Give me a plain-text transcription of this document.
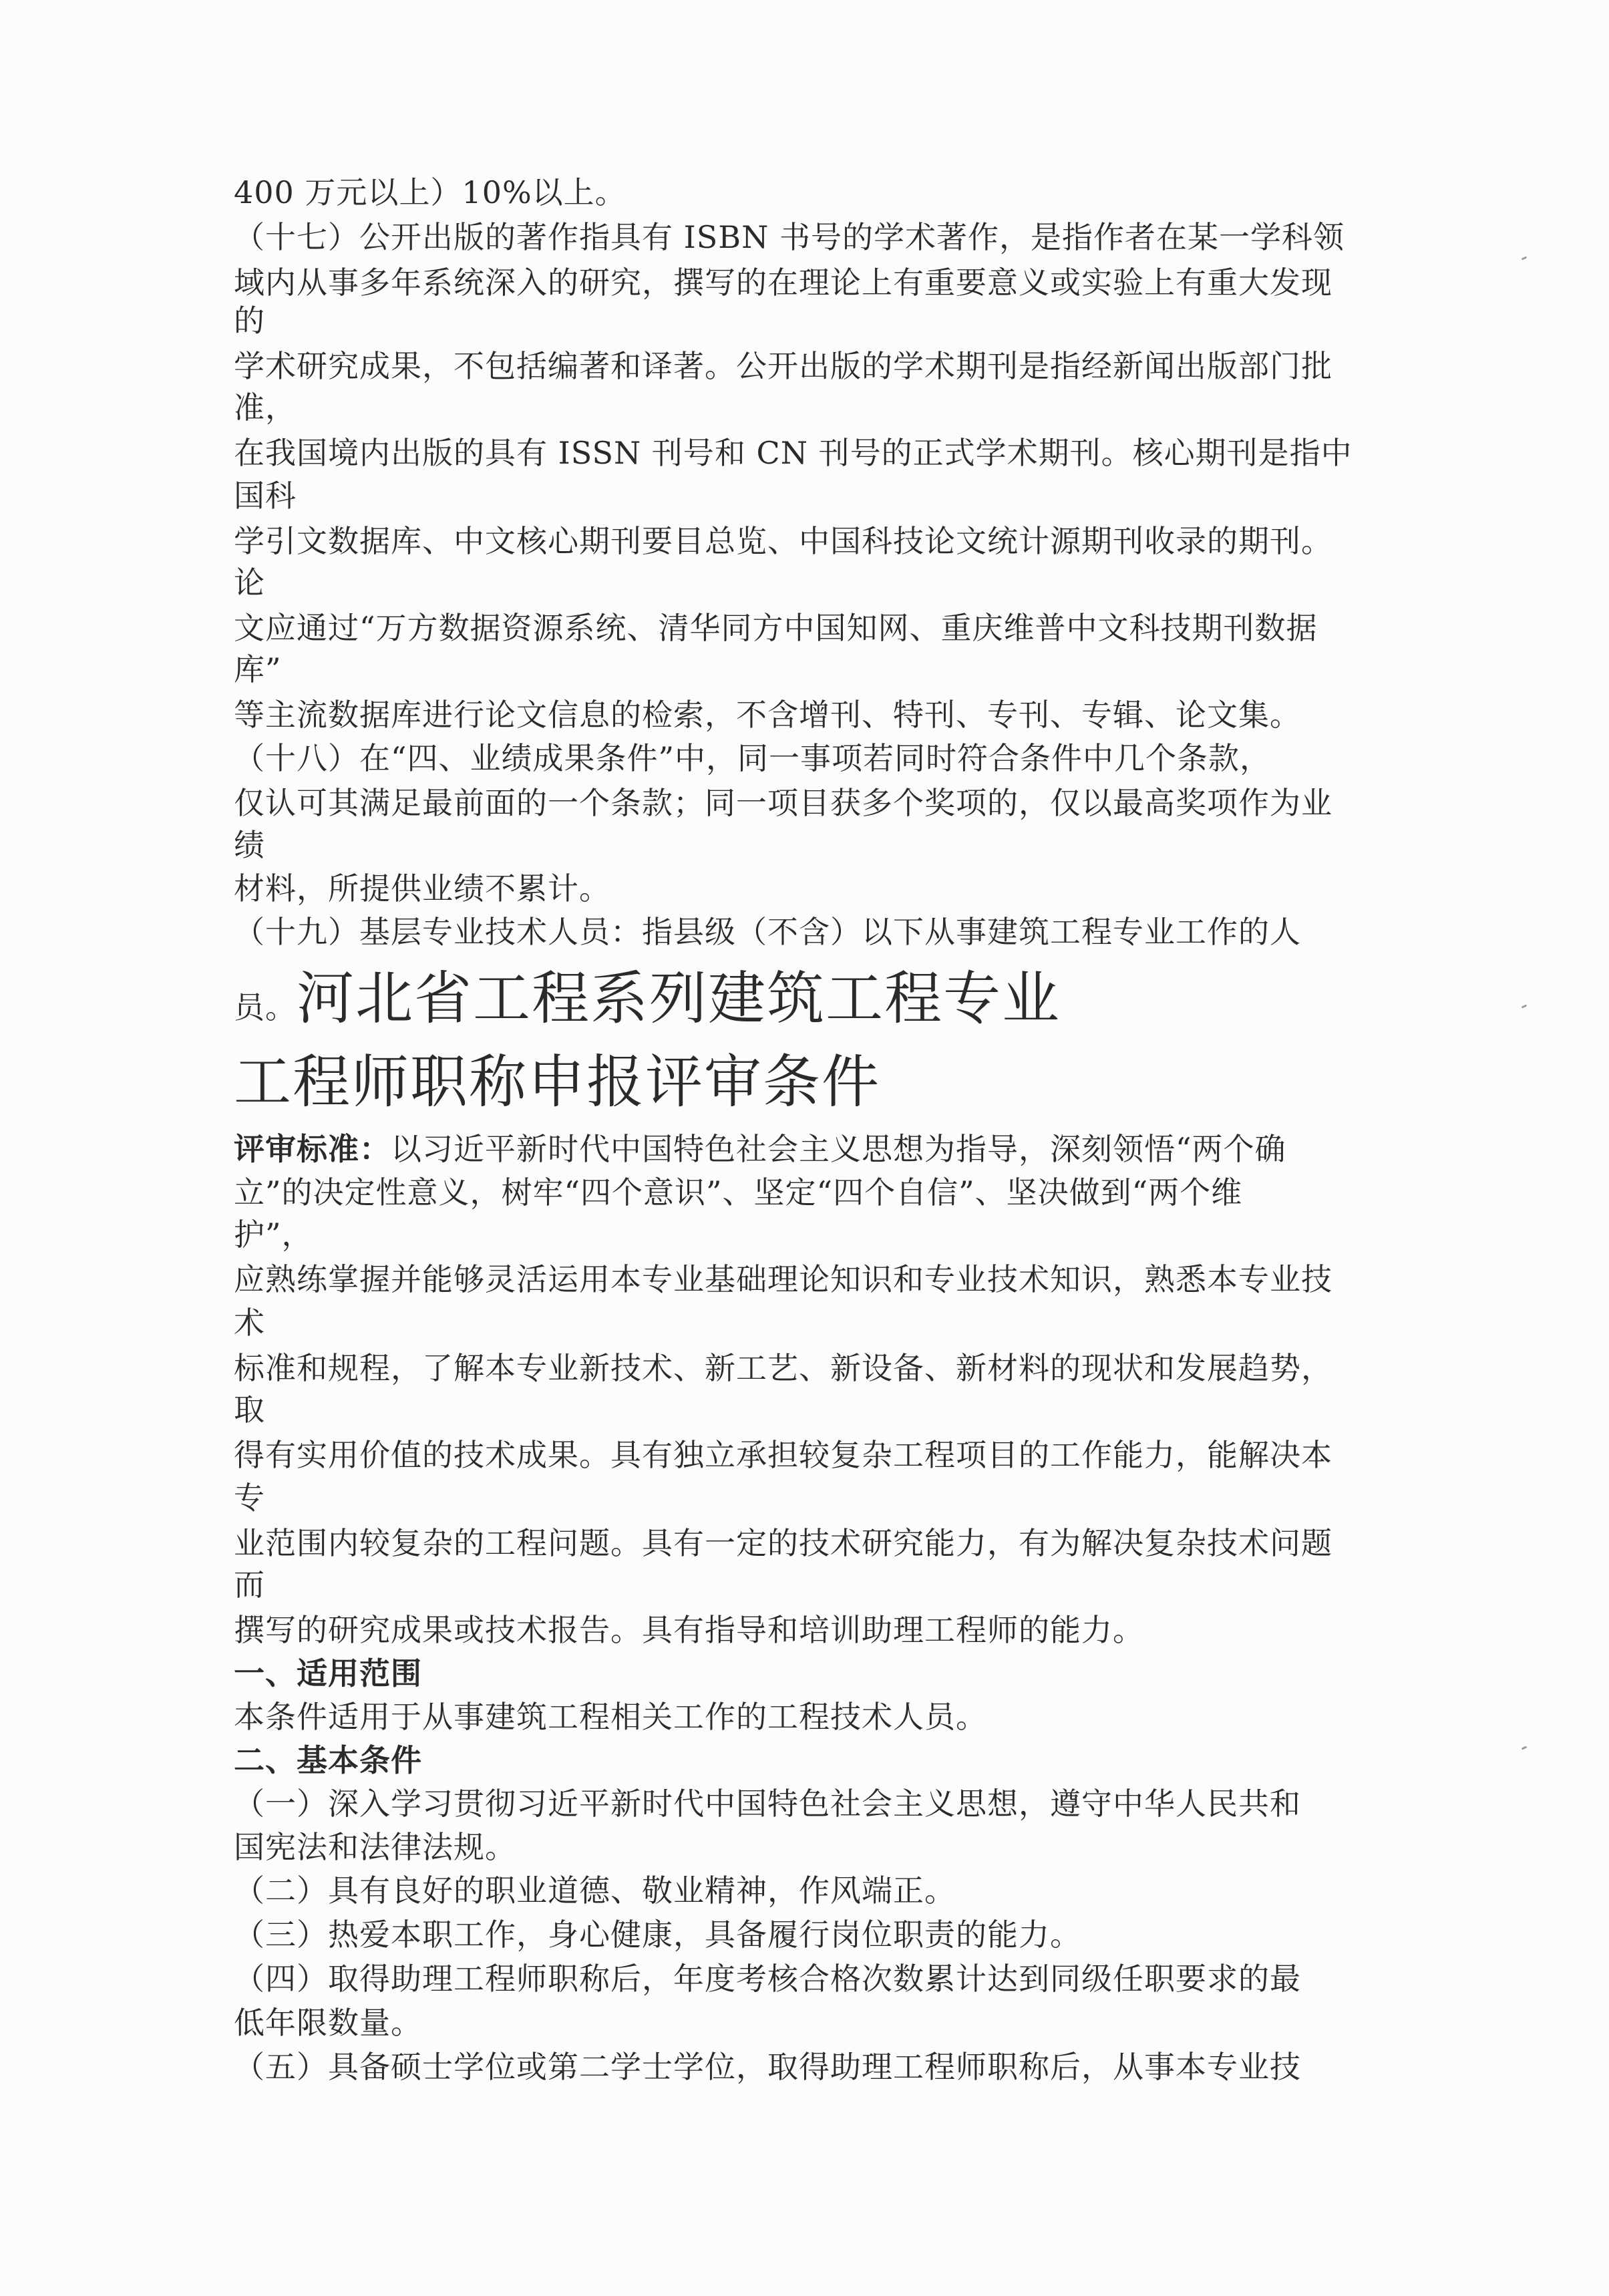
400 万元以上）10%以上。
（十七）公开出版的著作指具有 ISBN 书号的学术著作，是指作者在某一学科领
域内从事多年系统深入的研究，撰写的在理论上有重要意义或实验上有重大发现
的
学术研究成果，不包括编著和译著。公开出版的学术期刊是指经新闻出版部门批
准，
在我国境内出版的具有 ISSN 刊号和 CN 刊号的正式学术期刊。核心期刊是指中
国科
学引文数据库、中文核心期刊要目总览、中国科技论文统计源期刊收录的期刊。
论
文应通过“万方数据资源系统、清华同方中国知网、重庆维普中文科技期刊数据
库”
等主流数据库进行论文信息的检索，不含增刊、特刊、专刊、专辑、论文集。
（十八）在“四、业绩成果条件”中，同一事项若同时符合条件中几个条款，
仅认可其满足最前面的一个条款；同一项目获多个奖项的，仅以最高奖项作为业
绩
材料，所提供业绩不累计。
（十九）基层专业技术人员：指县级（不含）以下从事建筑工程专业工作的人
员。河北省工程系列建筑工程专业
工程师职称申报评审条件
评审标准：以习近平新时代中国特色社会主义思想为指导，深刻领悟“两个确
立”的决定性意义，树牢“四个意识”、坚定“四个自信”、坚决做到“两个维
护”，
应熟练掌握并能够灵活运用本专业基础理论知识和专业技术知识，熟悉本专业技
术
标准和规程，了解本专业新技术、新工艺、新设备、新材料的现状和发展趋势，
取
得有实用价值的技术成果。具有独立承担较复杂工程项目的工作能力，能解决本
专
业范围内较复杂的工程问题。具有一定的技术研究能力，有为解决复杂技术问题
而
撰写的研究成果或技术报告。具有指导和培训助理工程师的能力。
一、适用范围
本条件适用于从事建筑工程相关工作的工程技术人员。
二、基本条件
（一）深入学习贯彻习近平新时代中国特色社会主义思想，遵守中华人民共和
国宪法和法律法规。
（二）具有良好的职业道德、敬业精神，作风端正。
（三）热爱本职工作，身心健康，具备履行岗位职责的能力。
（四）取得助理工程师职称后，年度考核合格次数累计达到同级任职要求的最
低年限数量。
（五）具备硕士学位或第二学士学位，取得助理工程师职称后，从事本专业技
